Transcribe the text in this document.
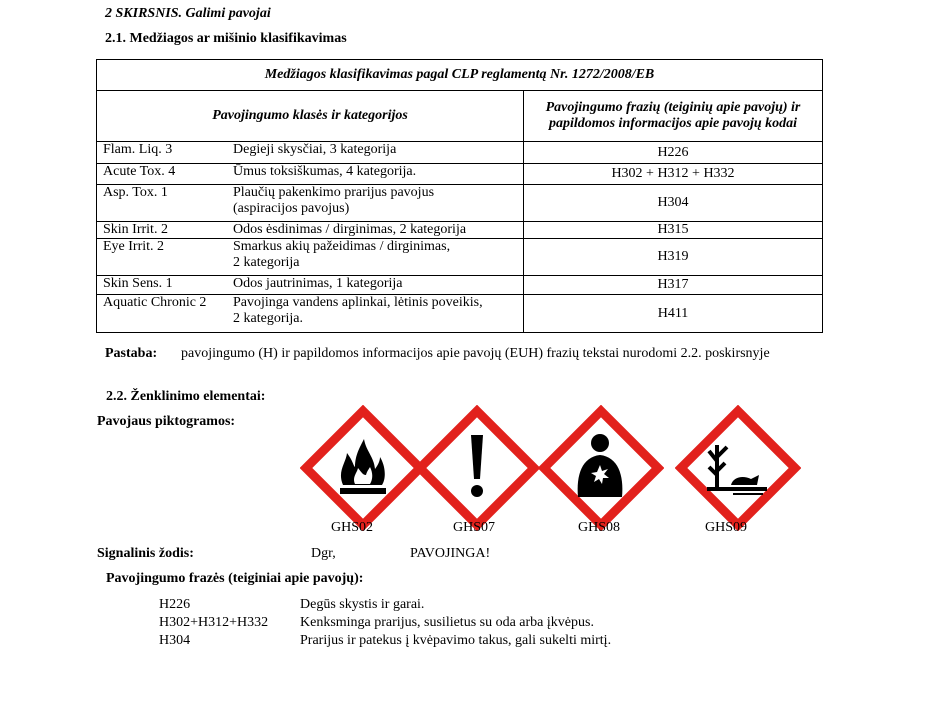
2 SKIRSNIS. Galimi pavojai
2.1. Medžiagos ar mišinio klasifikavimas
Medžiagos klasifikavimas pagal CLP reglamentą Nr. 1272/2008/EB		
Pavojingumo klasės ir kategorijos		Pavojingumo frazių (teiginių apie pavojų) ir
papildomos informacijos apie pavojų kodai
Flam. Liq. 3	Degieji skysčiai, 3 kategorija	H226
Acute Tox. 4	Ūmus toksiškumas, 4 kategorija.	H302 + H312 + H332
Asp. Tox. 1	Plaučių pakenkimo prarijus pavojus
(aspiracijos pavojus)	H304
Skin Irrit. 2	Odos ėsdinimas / dirginimas, 2 kategorija	H315
Eye Irrit. 2	Smarkus akių pažeidimas / dirginimas,
2 kategorija	H319
Skin Sens. 1	Odos jautrinimas, 1 kategorija	H317
Aquatic Chronic 2	Pavojinga vandens aplinkai, lėtinis poveikis,
2 kategorija.	H411
Pastaba: pavojingumo (H) ir papildomos informacijos apie pavojų (EUH) frazių tekstai nurodomi 2.2. poskirsnyje
2.2. Ženklinimo elementai:
Pavojaus piktogramos:
GHS02	GHS07	GHS08	GHS09
Signalinis žodis:	Dgr,	PAVOJINGA!
Pavojingumo frazės (teiginiai apie pavojų):
H226	Degūs skystis ir garai.
H302+H312+H332 Kenksminga prarijus, susilietus su oda arba įkvėpus.
H304	Prarijus ir patekus į kvėpavimo takus, gali sukelti mirtį.
